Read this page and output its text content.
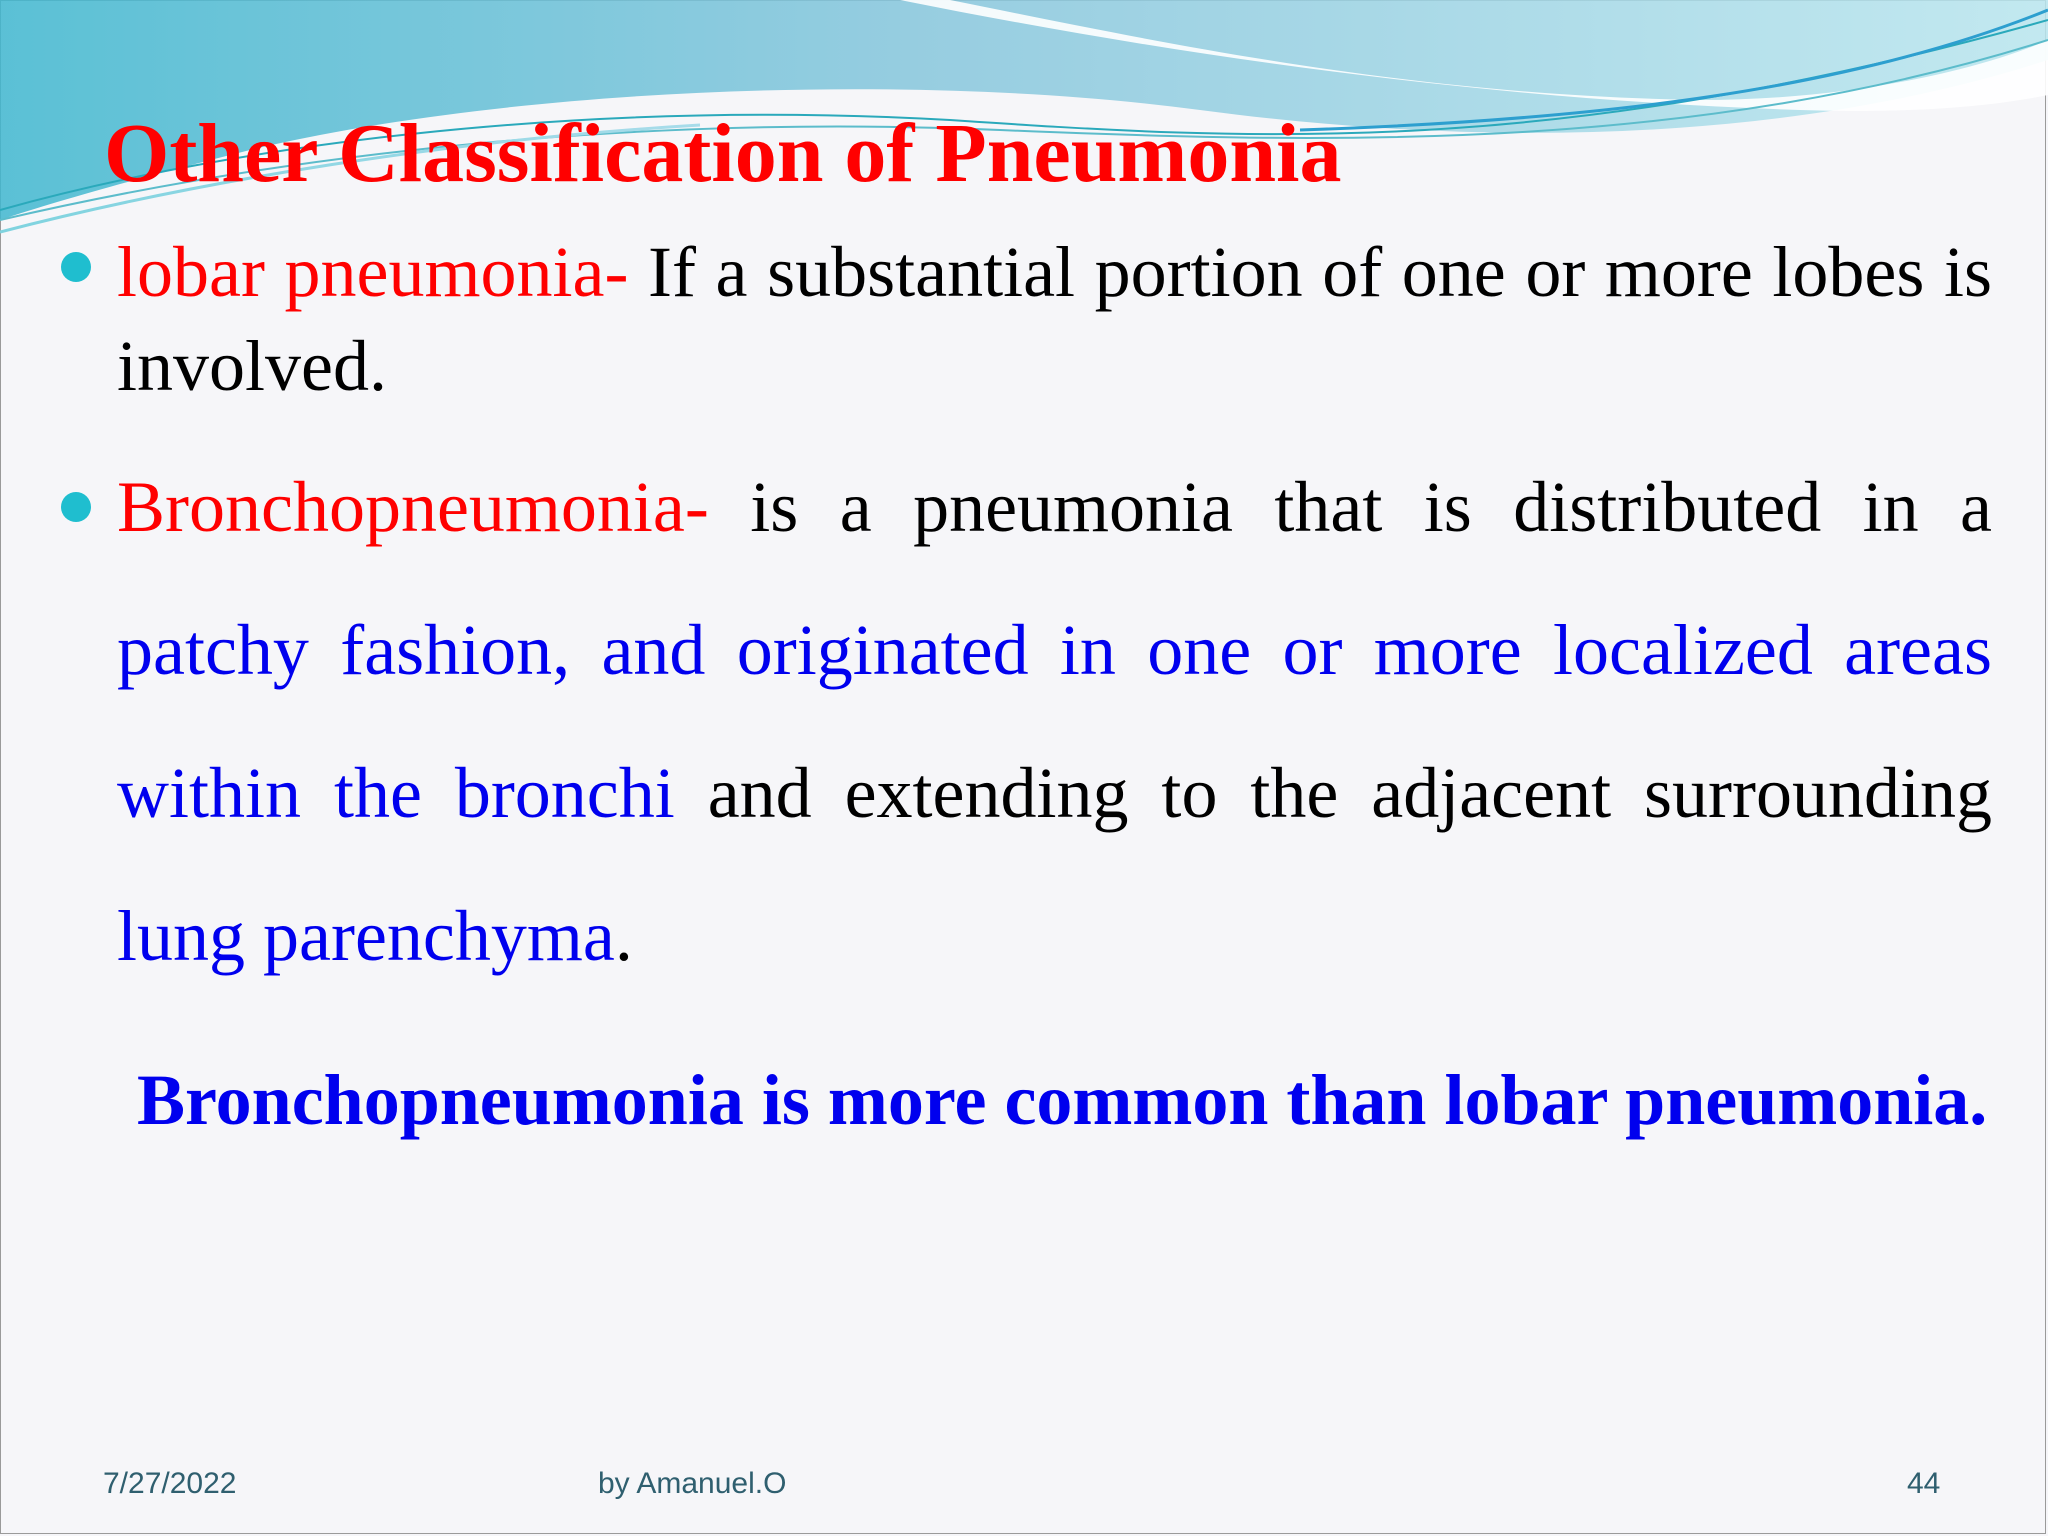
Other Classification of Pneumonia
lobar pneumonia- If a substantial portion of one or more lobes is involved.
Bronchopneumonia- is a pneumonia that is distributed in a patchy fashion, and originated in one or more localized areas within the bronchi and extending to the adjacent surrounding lung parenchyma.
Bronchopneumonia is more common than lobar pneumonia.
7/27/2022	by Amanuel.O	44
